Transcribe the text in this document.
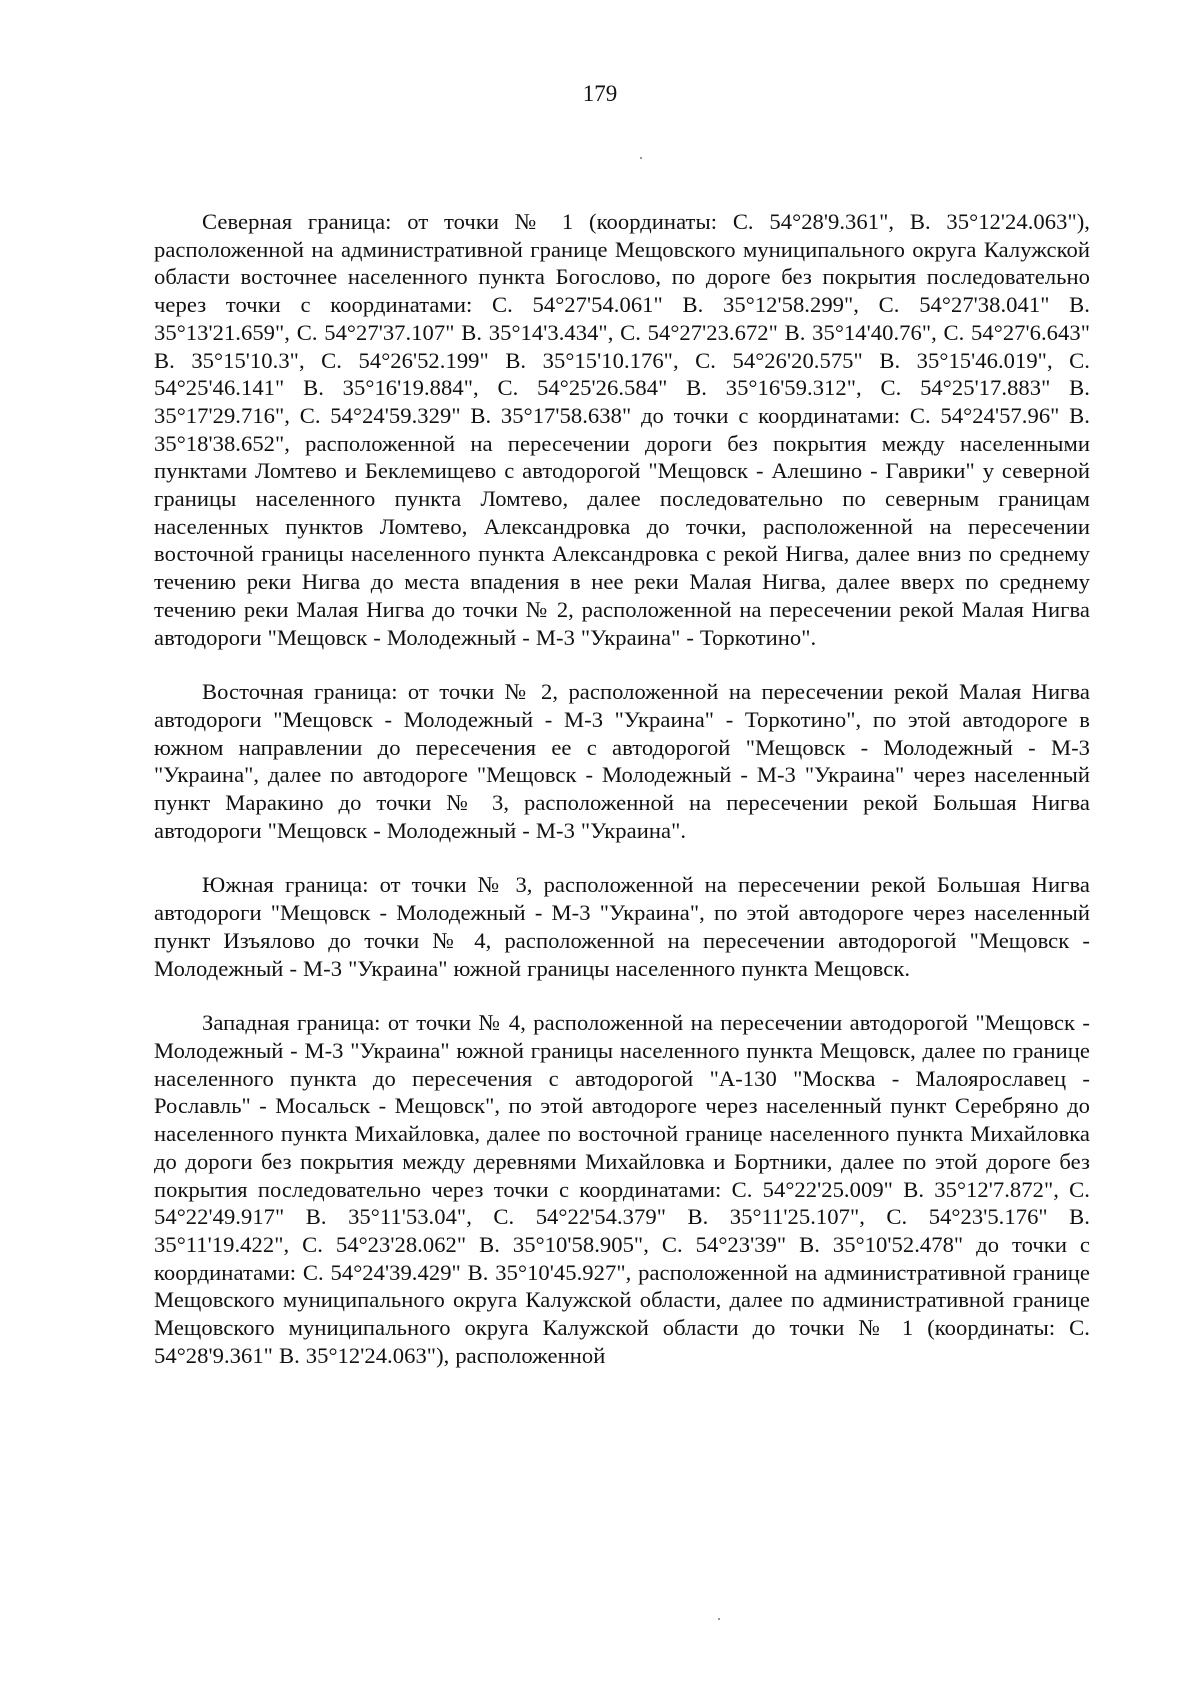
179

Северная граница: от точки № 1 (координаты: С. 54°28'9.361", В. 35°12'24.063"), расположенной на административной границе Мещовского муниципального округа Калужской области восточнее населенного пункта Богослово, по дороге без покрытия последовательно через точки с координатами: С. 54°27'54.061" В. 35°12'58.299", С. 54°27'38.041" В. 35°13'21.659", С. 54°27'37.107" В. 35°14'3.434", С. 54°27'23.672" В. 35°14'40.76", С. 54°27'6.643" В. 35°15'10.3", С. 54°26'52.199" В. 35°15'10.176", С. 54°26'20.575" В. 35°15'46.019", С. 54°25'46.141" В. 35°16'19.884", С. 54°25'26.584" В. 35°16'59.312", С. 54°25'17.883" В. 35°17'29.716", С. 54°24'59.329" В. 35°17'58.638" до точки с координатами: С. 54°24'57.96" В. 35°18'38.652", расположенной на пересечении дороги без покрытия между населенными пунктами Ломтево и Беклемищево с автодорогой "Мещовск - Алешино - Гаврики" у северной границы населенного пункта Ломтево, далее последовательно по северным границам населенных пунктов Ломтево, Александровка до точки, расположенной на пересечении восточной границы населенного пункта Александровка с рекой Нигва, далее вниз по среднему течению реки Нигва до места впадения в нее реки Малая Нигва, далее вверх по среднему течению реки Малая Нигва до точки № 2, расположенной на пересечении рекой Малая Нигва автодороги "Мещовск - Молодежный - М-3 "Украина" - Торкотино".

Восточная граница: от точки № 2, расположенной на пересечении рекой Малая Нигва автодороги "Мещовск - Молодежный - М-3 "Украина" - Торкотино", по этой автодороге в южном направлении до пересечения ее с автодорогой "Мещовск - Молодежный - М-3 "Украина", далее по автодороге "Мещовск - Молодежный - М-3 "Украина" через населенный пункт Маракино до точки № 3, расположенной на пересечении рекой Большая Нигва автодороги "Мещовск - Молодежный - М-3 "Украина".

Южная граница: от точки № 3, расположенной на пересечении рекой Большая Нигва автодороги "Мещовск - Молодежный - М-3 "Украина", по этой автодороге через населенный пункт Изъялово до точки № 4, расположенной на пересечении автодорогой "Мещовск - Молодежный - М-3 "Украина" южной границы населенного пункта Мещовск.

Западная граница: от точки № 4, расположенной на пересечении автодорогой "Мещовск - Молодежный - М-3 "Украина" южной границы населенного пункта Мещовск, далее по границе населенного пункта до пересечения с автодорогой "А-130 "Москва - Малоярославец - Рославль" - Мосальск - Мещовск", по этой автодороге через населенный пункт Серебряно до населенного пункта Михайловка, далее по восточной границе населенного пункта Михайловка до дороги без покрытия между деревнями Михайловка и Бортники, далее по этой дороге без покрытия последовательно через точки с координатами: С. 54°22'25.009" В. 35°12'7.872", С. 54°22'49.917" В. 35°11'53.04", С. 54°22'54.379" В. 35°11'25.107", С. 54°23'5.176" В. 35°11'19.422", С. 54°23'28.062" В. 35°10'58.905", С. 54°23'39" В. 35°10'52.478" до точки с координатами: С. 54°24'39.429" В. 35°10'45.927", расположенной на административной границе Мещовского муниципального округа Калужской области, далее по административной границе Мещовского муниципального округа Калужской области до точки № 1 (координаты: С. 54°28'9.361" В. 35°12'24.063"), расположенной
